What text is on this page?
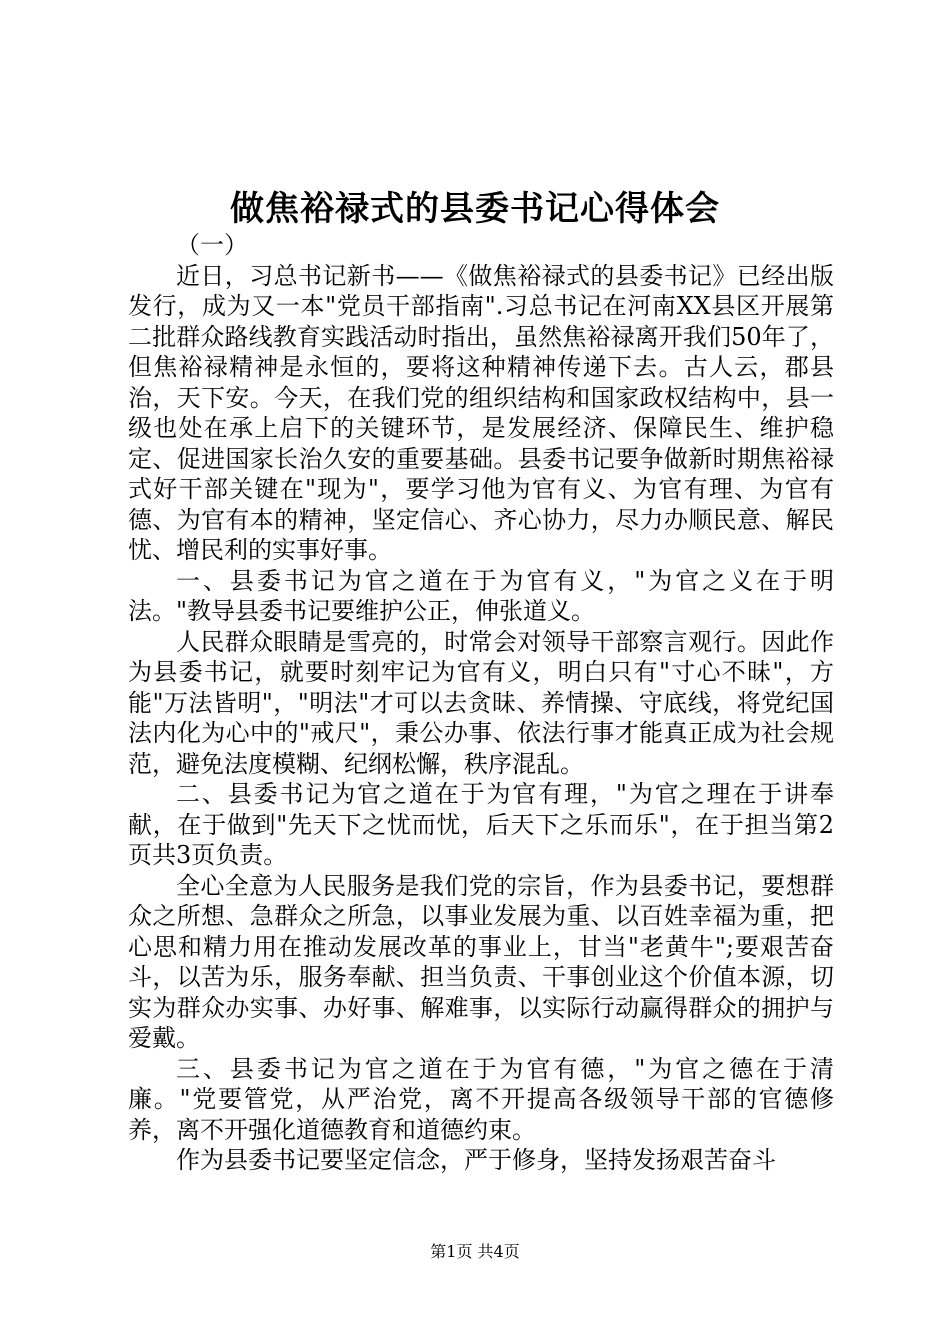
做焦裕禄式的县委书记心得体会

（一）

近日，习总书记新书——《做焦裕禄式的县委书记》已经出版发行，成为又一本"党员干部指南".习总书记在河南XX县区开展第二批群众路线教育实践活动时指出，虽然焦裕禄离开我们50年了，但焦裕禄精神是永恒的，要将这种精神传递下去。古人云，郡县治，天下安。今天，在我们党的组织结构和国家政权结构中，县一级也处在承上启下的关键环节，是发展经济、保障民生、维护稳定、促进国家长治久安的重要基础。县委书记要争做新时期焦裕禄式好干部关键在"现为"，要学习他为官有义、为官有理、为官有德、为官有本的精神，坚定信心、齐心协力，尽力办顺民意、解民忧、增民利的实事好事。

一、县委书记为官之道在于为官有义，"为官之义在于明法。"教导县委书记要维护公正，伸张道义。

人民群众眼睛是雪亮的，时常会对领导干部察言观行。因此作为县委书记，就要时刻牢记为官有义，明白只有"寸心不昧"，方能"万法皆明"，"明法"才可以去贪昧、养情操、守底线，将党纪国法内化为心中的"戒尺"，秉公办事、依法行事才能真正成为社会规范，避免法度模糊、纪纲松懈，秩序混乱。

二、县委书记为官之道在于为官有理，"为官之理在于讲奉献，在于做到"先天下之忧而忧，后天下之乐而乐"，在于担当第2页共3页负责。

全心全意为人民服务是我们党的宗旨，作为县委书记，要想群众之所想、急群众之所急，以事业发展为重、以百姓幸福为重，把心思和精力用在推动发展改革的事业上，甘当"老黄牛";要艰苦奋斗，以苦为乐，服务奉献、担当负责、干事创业这个价值本源，切实为群众办实事、办好事、解难事，以实际行动赢得群众的拥护与爱戴。

三、县委书记为官之道在于为官有德，"为官之德在于清廉。"党要管党，从严治党，离不开提高各级领导干部的官德修养，离不开强化道德教育和道德约束。

作为县委书记要坚定信念，严于修身，坚持发扬艰苦奋斗

第1页 共4页
